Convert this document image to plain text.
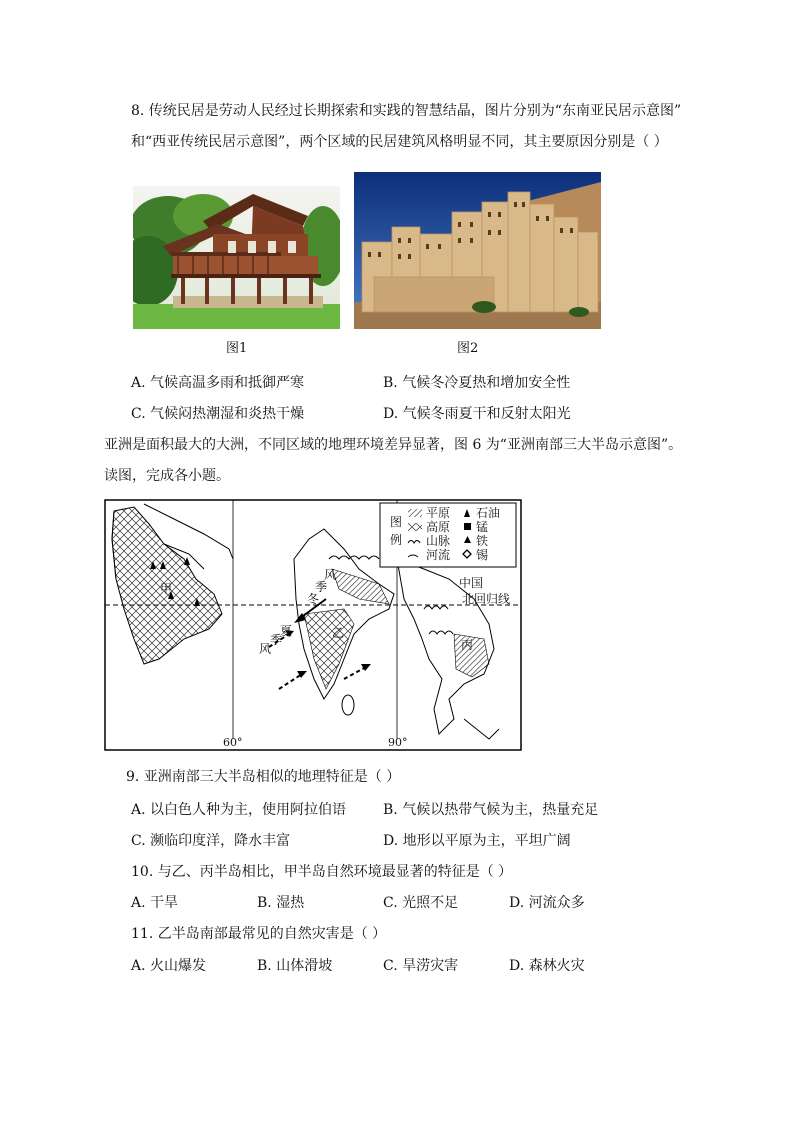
8. 传统民居是劳动人民经过长期探索和实践的智慧结晶，图片分别为“东南亚民居示意图”
和“西亚传统民居示意图”，两个区域的民居建筑风格明显不同，其主要原因分别是（ ）
图1	图2
A. 气候高温多雨和抵御严寒	B. 气候冬冷夏热和增加安全性
C. 气候闷热潮湿和炎热干燥	D. 气候冬雨夏干和反射太阳光
亚洲是面积最大的大洲，不同区域的地理环境差异显著，图 6 为“亚洲南部三大半岛示意图”。
读图，完成各小题。
图
例
平原
高原
山脉
河流
石油
锰
铁
锡
甲
乙
丙
中国
北回归线
60°	90°
风
季
冬
夏
季
风
9. 亚洲南部三大半岛相似的地理特征是（ ）
A. 以白色人种为主，使用阿拉伯语	B. 气候以热带气候为主，热量充足
C. 濒临印度洋，降水丰富	D. 地形以平原为主，平坦广阔
10. 与乙、丙半岛相比，甲半岛自然环境最显著的特征是（ ）
A. 干旱	B. 湿热	C. 光照不足	D. 河流众多
11. 乙半岛南部最常见的自然灾害是（ ）
A. 火山爆发	B. 山体滑坡	C. 旱涝灾害	D. 森林火灾
